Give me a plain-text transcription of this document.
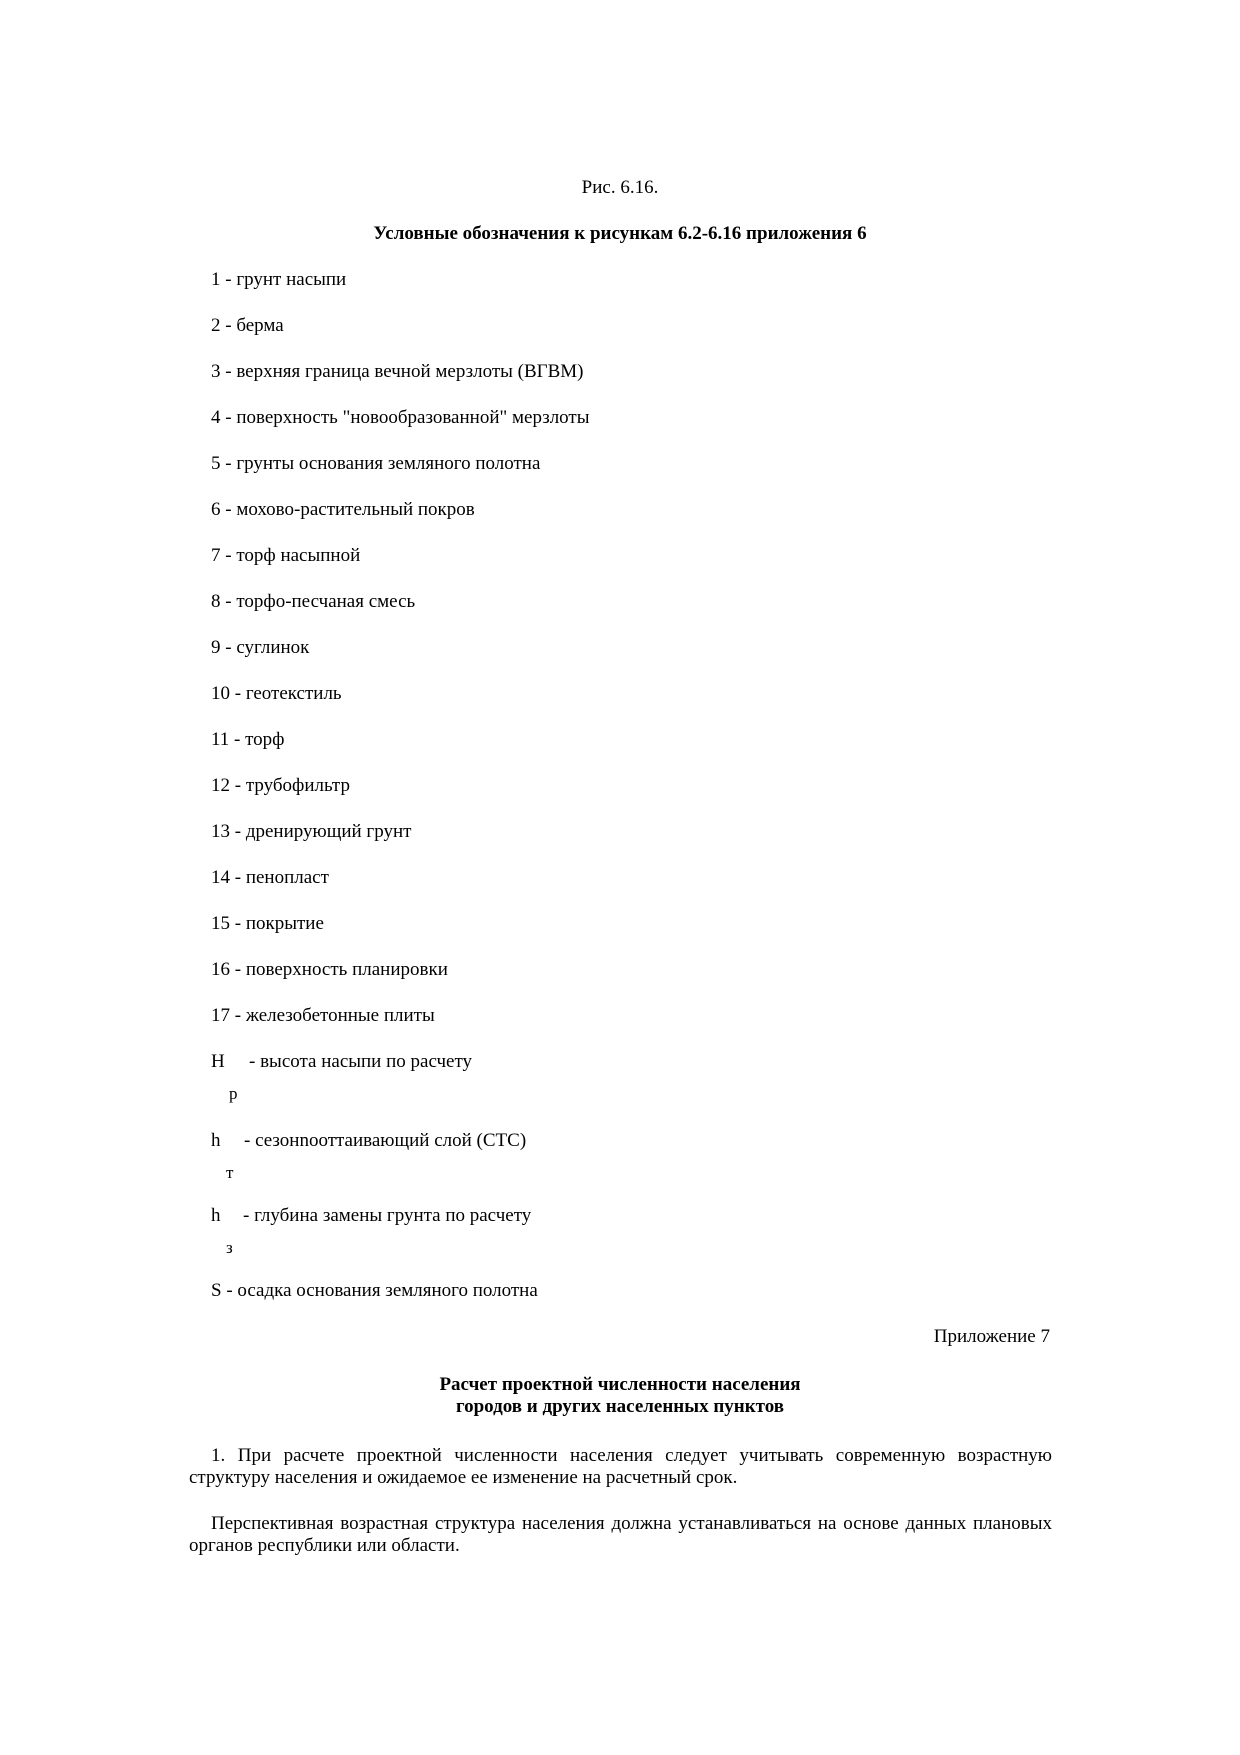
Рис. 6.16.
Условные обозначения к рисункам 6.2-6.16 приложения 6
1 - грунт насыпи
2 - берма
3 - верхняя граница вечной мерзлоты (ВГВМ)
4 - поверхность "новообразованной" мерзлоты
5 - грунты основания земляного полотна
6 - мохово-растительный покров
7 - торф насыпной
8 - торфо-песчаная смесь
9 - суглинок
10 - геотекстиль
11 - торф
12 - трубофильтр
13 - дренирующий грунт
14 - пенопласт
15 - покрытие
16 - поверхность планировки
17 - железобетонные плиты
H
р
- высота насыпи по расчету
h
т
- сезонnооттаивающий слой (СТС)
h
з
- глубина замены грунта по расчету
S - осадка основания земляного полотна
Приложение 7
Расчет проектной численности населения
городов и других населенных пунктов
1. При расчете проектной численности населения следует учитывать современную возрастную структуру населения и ожидаемое ее изменение на расчетный срок.
Перспективная возрастная структура населения должна устанавливаться на основе данных плановых органов республики или области.
